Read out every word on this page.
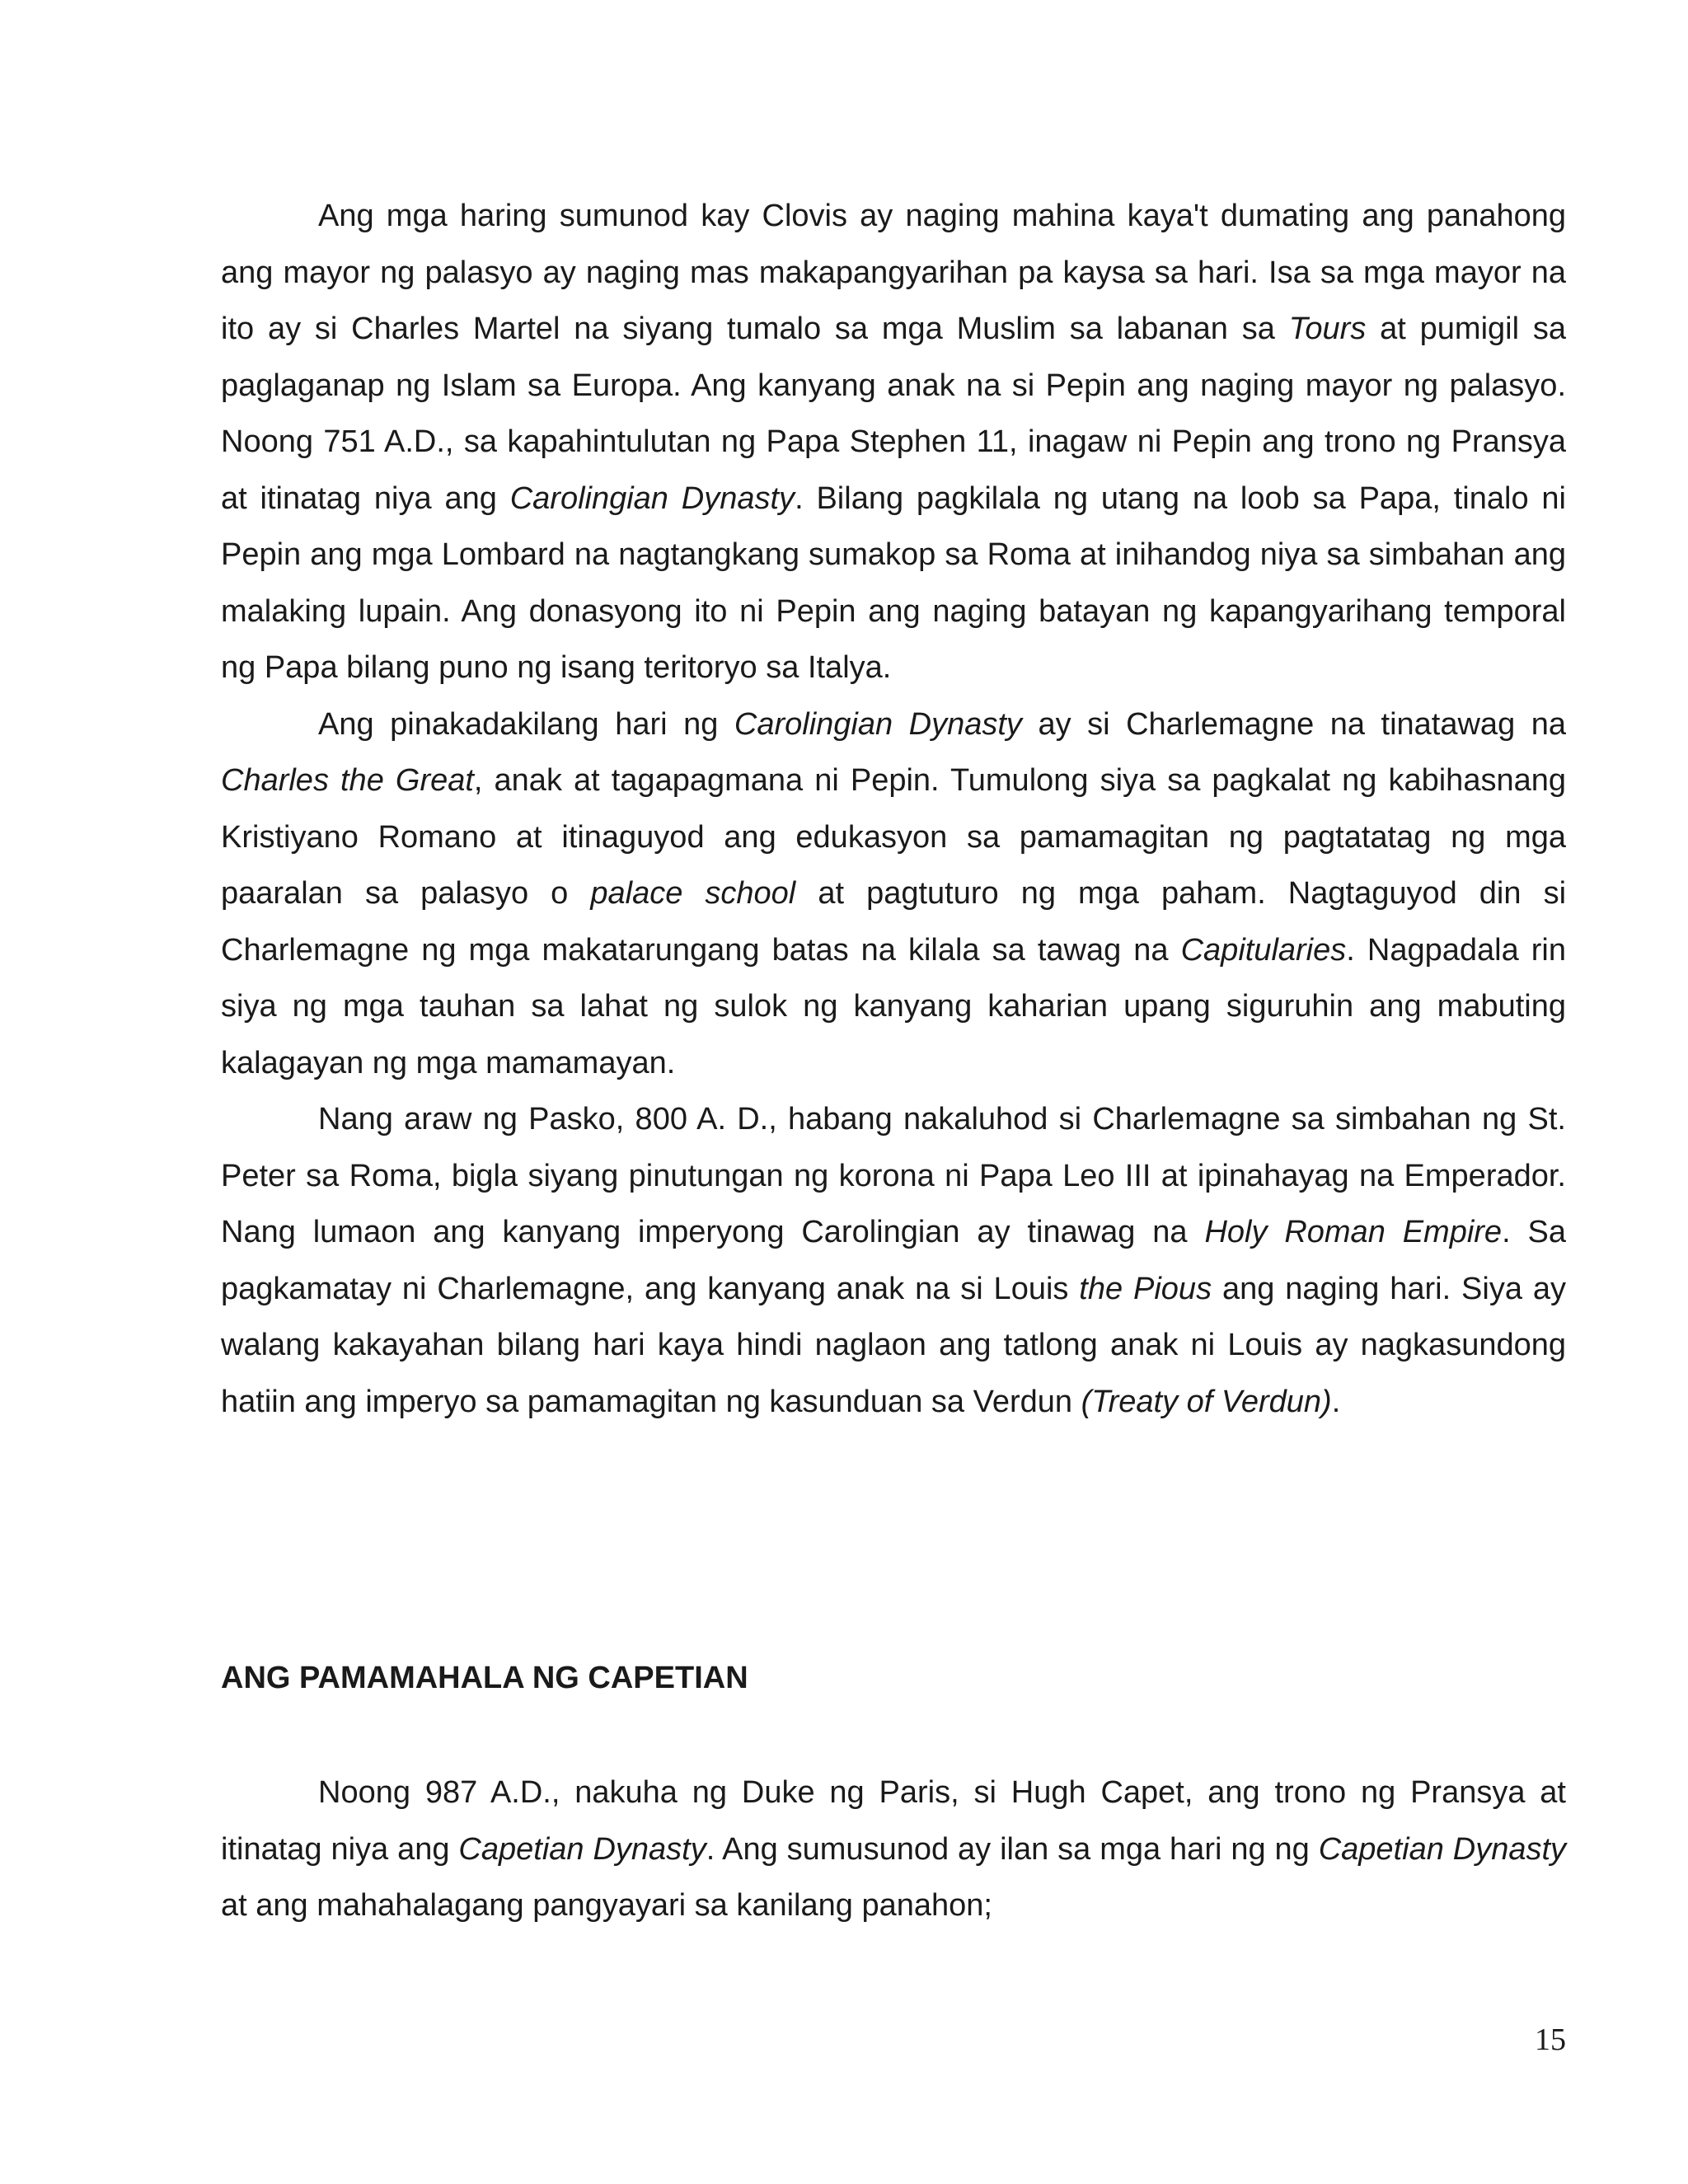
Ang mga haring sumunod kay Clovis ay naging mahina kaya't dumating ang panahong ang mayor ng palasyo ay naging mas makapangyarihan pa kaysa sa hari. Isa sa mga mayor na ito ay si Charles Martel na siyang tumalo sa mga Muslim sa labanan sa Tours at pumigil sa paglaganap ng Islam sa Europa. Ang kanyang anak na si Pepin ang naging mayor ng palasyo. Noong 751 A.D., sa kapahintulutan ng Papa Stephen 11, inagaw ni Pepin ang trono ng Pransya at itinatag niya ang Carolingian Dynasty. Bilang pagkilala ng utang na loob sa Papa, tinalo ni Pepin ang mga Lombard na nagtangkang sumakop sa Roma at inihandog niya sa simbahan ang malaking lupain. Ang donasyong ito ni Pepin ang naging batayan ng kapangyarihang temporal ng Papa bilang puno ng isang teritoryo sa Italya.

Ang pinakadakilang hari ng Carolingian Dynasty ay si Charlemagne na tinatawag na Charles the Great, anak at tagapagmana ni Pepin. Tumulong siya sa pagkalat ng kabihasnang Kristiyano Romano at itinaguyod ang edukasyon sa pamamagitan ng pagtatatag ng mga paaralan sa palasyo o palace school at pagtuturo ng mga paham. Nagtaguyod din si Charlemagne ng mga makatarungang batas na kilala sa tawag na Capitularies. Nagpadala rin siya ng mga tauhan sa lahat ng sulok ng kanyang kaharian upang siguruhin ang mabuting kalagayan ng mga mamamayan.

Nang araw ng Pasko, 800 A. D., habang nakaluhod si Charlemagne sa simbahan ng St. Peter sa Roma, bigla siyang pinutungan ng korona ni Papa Leo III at ipinahayag na Emperador. Nang lumaon ang kanyang imperyong Carolingian ay tinawag na Holy Roman Empire. Sa pagkamatay ni Charlemagne, ang kanyang anak na si Louis the Pious ang naging hari. Siya ay walang kakayahan bilang hari kaya hindi naglaon ang tatlong anak ni Louis ay nagkasundong hatiin ang imperyo sa pamamagitan ng kasunduan sa Verdun (Treaty of Verdun).

ANG PAMAMAHALA NG CAPETIAN

Noong 987 A.D., nakuha ng Duke ng Paris, si Hugh Capet, ang trono ng Pransya at itinatag niya ang Capetian Dynasty. Ang sumusunod ay ilan sa mga hari ng ng Capetian Dynasty at ang mahahalagang pangyayari sa kanilang panahon;

15
